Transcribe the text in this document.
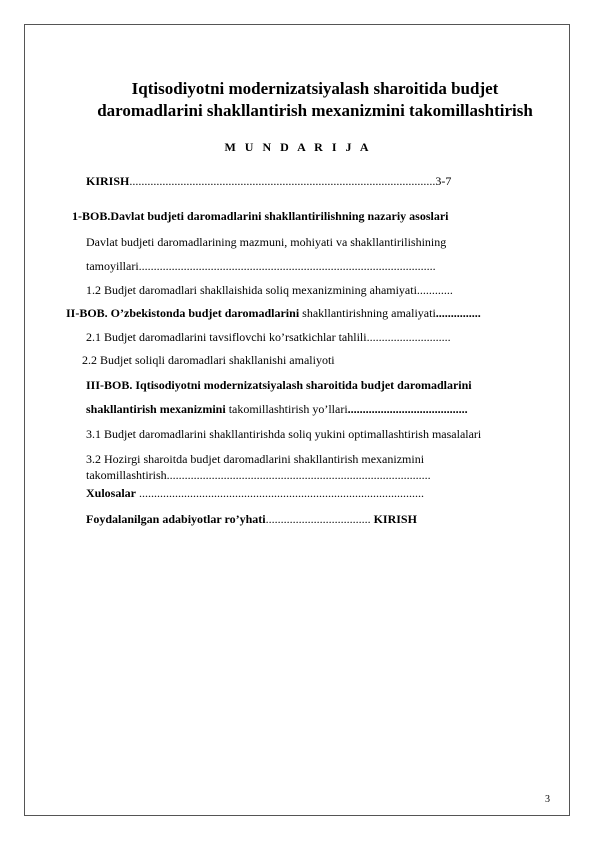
Iqtisodiyotni modernizatsiyalash sharoitida budjet
daromadlarini shakllantirish mexanizmini takomillashtirish
M U N D A R I J A
KIRISH......................................................................................................3-7
1-BOB.Davlat budjeti daromadlarini shakllantirilishning nazariy asoslari
Davlat budjeti daromadlarining mazmuni, mohiyati va shakllantirilishining
tamoyillari...................................................................................................
1.2 Budjet daromadlari shakllaishida soliq mexanizmining ahamiyati............
II-BOB. O’zbekistonda budjet daromadlarini shakllantirishning amaliyati...............
2.1 Budjet daromadlarini tavsiflovchi ko’rsatkichlar tahlili............................
2.2 Budjet soliqli daromadlari shakllanishi amaliyoti
III-BOB. Iqtisodiyotni modernizatsiyalash sharoitida budjet daromadlarini
shakllantirish mexanizmini takomillashtirish yo’llari........................................
3.1 Budjet daromadlarini shakllantirishda soliq yukini optimallashtirish masalalari
3.2 Hozirgi sharoitda budjet daromadlarini shakllantirish mexanizmini
takomillashtirish........................................................................................
Xulosalar ...............................................................................................
Foydalanilgan adabiyotlar ro’yhati................................... KIRISH
3
